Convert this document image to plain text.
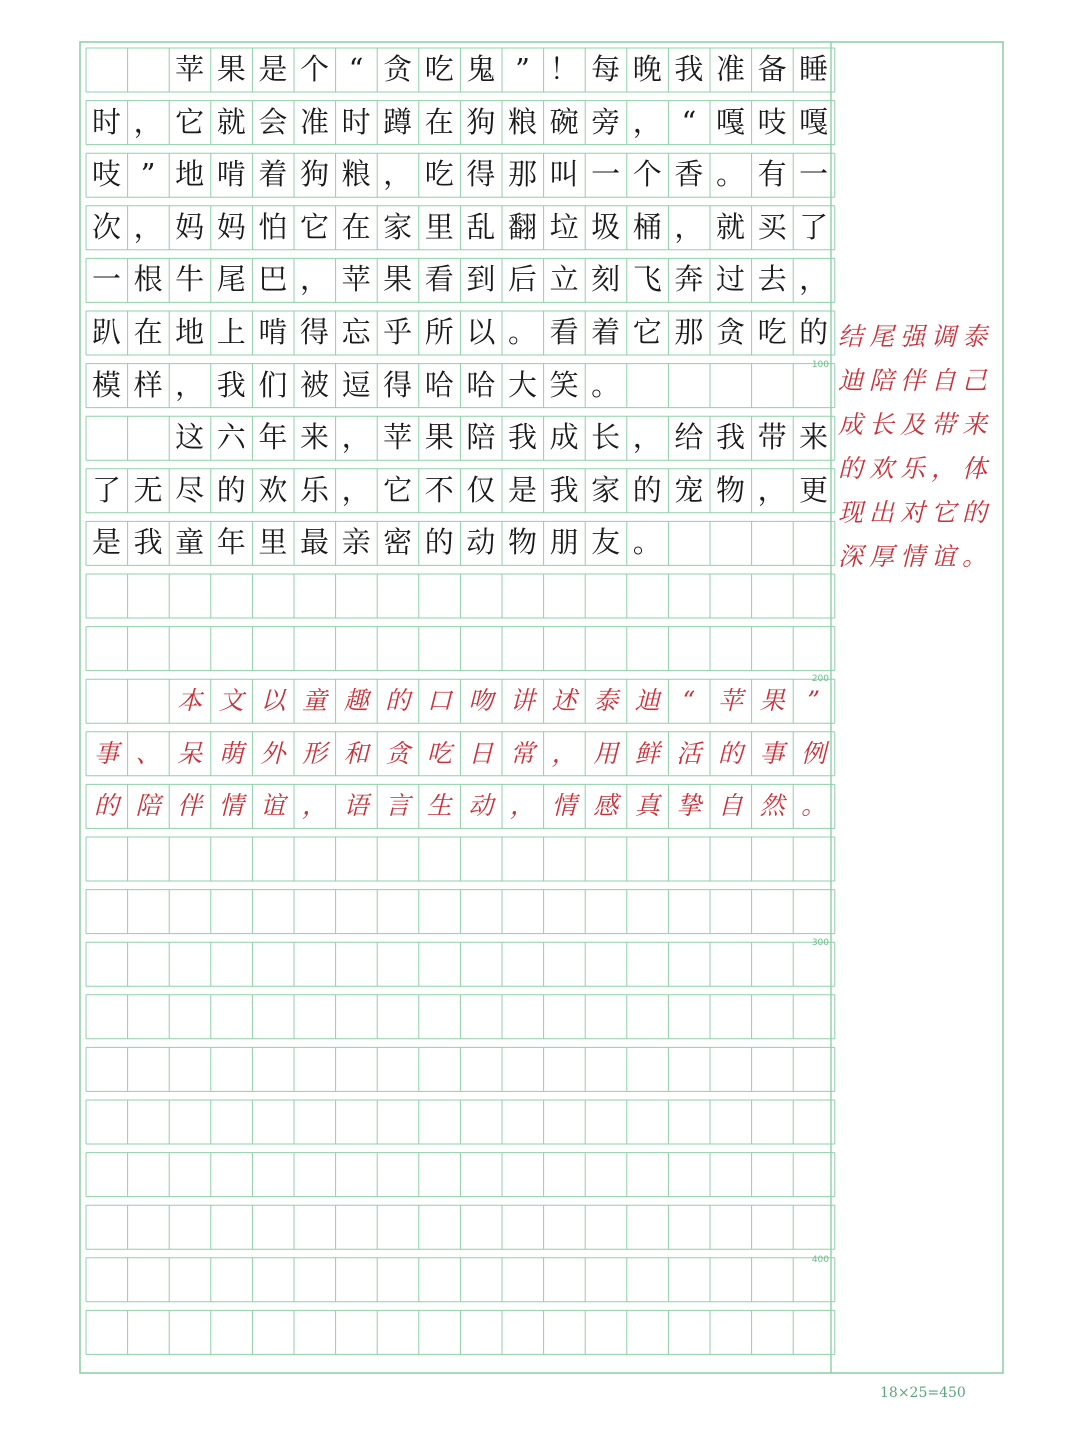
苹 果 是 个 “ 贪 吃 鬼 ” ！ 每 晚 我 准 备 睡
时 ， 它 就 会 准 时 蹲 在 狗 粮 碗 旁 ， “ 嘎 吱 嘎
吱 ” 地 啃 着 狗 粮 ， 吃 得 那 叫 一 个 香 。 有 一
次 ， 妈 妈 怕 它 在 家 里 乱 翻 垃 圾 桶 ， 就 买 了
一 根 牛 尾 巴 ， 苹 果 看 到 后 立 刻 飞 奔 过 去 ，
趴 在 地 上 啃 得 忘 乎 所 以 。 看 着 它 那 贪 吃 的
模 样 ， 我 们 被 逗 得 哈 哈 大 笑 。

这 六 年 来 ， 苹 果 陪 我 成 长 ， 给 我 带 来
了 无 尽 的 欢 乐 ， 它 不 仅 是 我 家 的 宠 物 ， 更
是 我 童 年 里 最 亲 密 的 动 物 朋 友 。

本 文 以 童 趣 的 口 吻 讲 述 泰 迪 “ 苹 果 ”
事 、 呆 萌 外 形 和 贪 吃 日 常 ， 用 鲜 活 的 事 例
的 陪 伴 情 谊 ， 语 言 生 动 ， 情 感 真 挚 自 然 。
结尾强调泰
迪陪伴自己
成长及带来
的欢乐，体
现出对它的
深厚情谊。
100
200
300
400
18×25=450
